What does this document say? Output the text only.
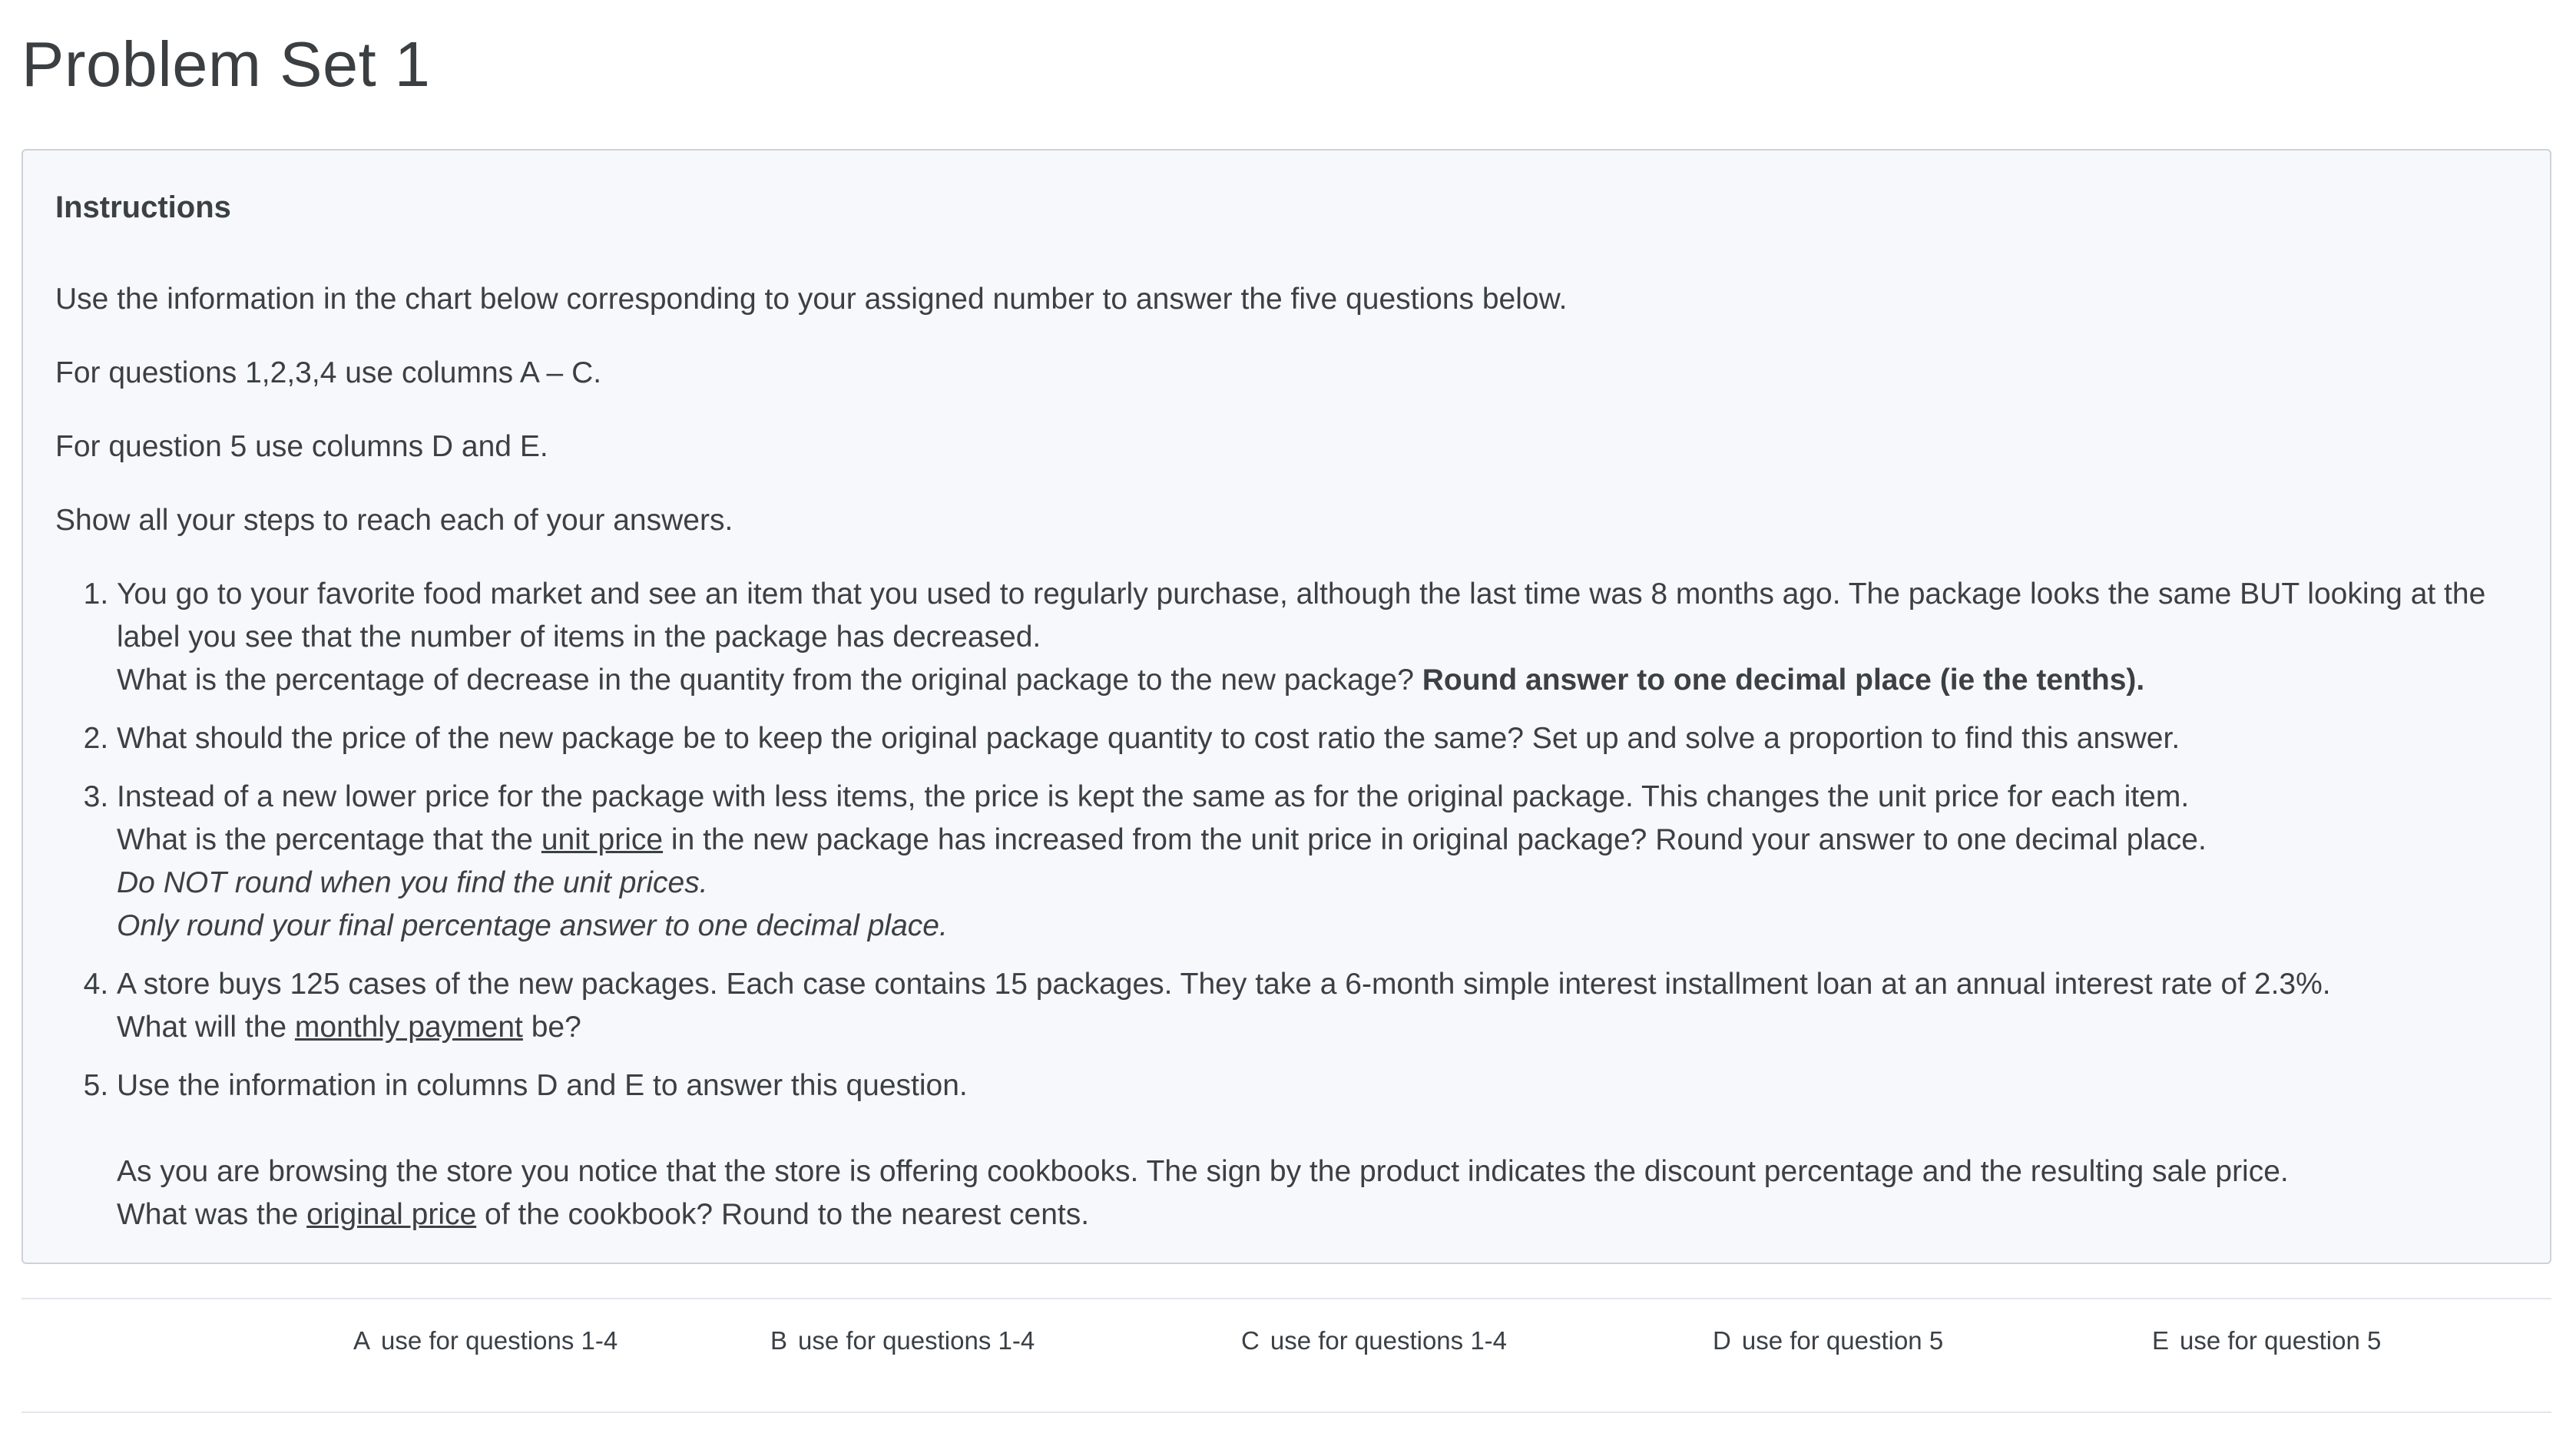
Problem Set 1
Instructions

Use the information in the chart below corresponding to your assigned number to answer the five questions below.

For questions 1,2,3,4 use columns A – C.

For question 5 use columns D and E.

Show all your steps to reach each of your answers.

1. You go to your favorite food market and see an item that you used to regularly purchase, although the last time was 8 months ago. The package looks the same BUT looking at the label you see that the number of items in the package has decreased.
What is the percentage of decrease in the quantity from the original package to the new package? Round answer to one decimal place (ie the tenths).
2. What should the price of the new package be to keep the original package quantity to cost ratio the same? Set up and solve a proportion to find this answer.
3. Instead of a new lower price for the package with less items, the price is kept the same as for the original package. This changes the unit price for each item.
What is the percentage that the unit price in the new package has increased from the unit price in original package? Round your answer to one decimal place.
Do NOT round when you find the unit prices.
Only round your final percentage answer to one decimal place.
4. A store buys 125 cases of the new packages. Each case contains 15 packages. They take a 6-month simple interest installment loan at an annual interest rate of 2.3%.
What will the monthly payment be?
5. Use the information in columns D and E to answer this question.
As you are browsing the store you notice that the store is offering cookbooks. The sign by the product indicates the discount percentage and the resulting sale price.
What was the original price of the cookbook? Round to the nearest cents.
A use for questions 1-4	B use for questions 1-4	C use for questions 1-4	D use for question 5	E use for question 5
